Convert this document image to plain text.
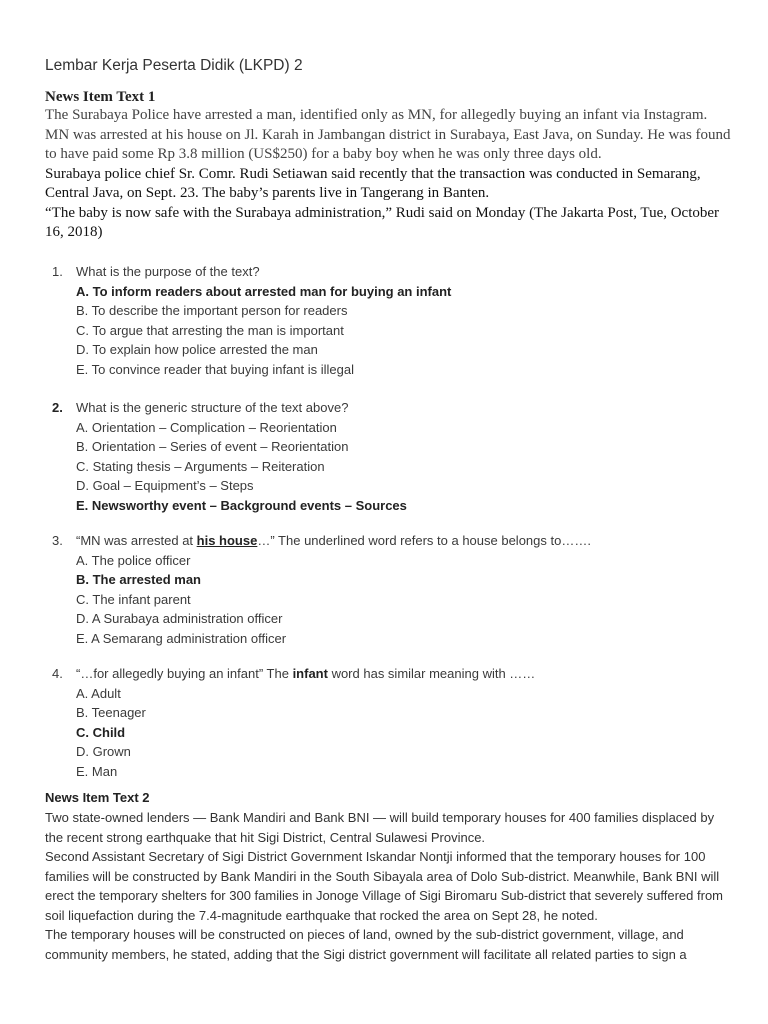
Lembar Kerja Peserta Didik (LKPD) 2
News Item Text 1
The Surabaya Police have arrested a man, identified only as MN, for allegedly buying an infant via Instagram. MN was arrested at his house on Jl. Karah in Jambangan district in Surabaya, East Java, on Sunday. He was found to have paid some Rp 3.8 million (US$250) for a baby boy when he was only three days old.
Surabaya police chief Sr. Comr. Rudi Setiawan said recently that the transaction was conducted in Semarang, Central Java, on Sept. 23. The baby’s parents live in Tangerang in Banten.
“The baby is now safe with the Surabaya administration,” Rudi said on Monday (The Jakarta Post, Tue, October 16, 2018)
1.	What is the purpose of the text?
A. To inform readers about arrested man for buying an infant
B. To describe the important person for readers
C. To argue that arresting the man is important
D. To explain how police arrested the man
E. To convince reader that buying infant is illegal
2.	What is the generic structure of the text above?
A. Orientation – Complication – Reorientation
B. Orientation – Series of event – Reorientation
C. Stating thesis – Arguments – Reiteration
D. Goal – Equipment’s – Steps
E. Newsworthy event – Background events – Sources
3.	“MN was arrested at his house…” The underlined word refers to a house belongs to…….
A. The police officer
B. The arrested man
C. The infant parent
D. A Surabaya administration officer
E. A Semarang administration officer
4.	“…for allegedly buying an infant” The infant word has similar meaning with ……
A. Adult
B. Teenager
C. Child
D. Grown
E. Man
News Item Text 2
Two state-owned lenders — Bank Mandiri and Bank BNI — will build temporary houses for 400 families displaced by the recent strong earthquake that hit Sigi District, Central Sulawesi Province.
Second Assistant Secretary of Sigi District Government Iskandar Nontji informed that the temporary houses for 100 families will be constructed by Bank Mandiri in the South Sibayala area of Dolo Sub-district. Meanwhile, Bank BNI will erect the temporary shelters for 300 families in Jonoge Village of Sigi Biromaru Sub-district that severely suffered from soil liquefaction during the 7.4-magnitude earthquake that rocked the area on Sept 28, he noted.
The temporary houses will be constructed on pieces of land, owned by the sub-district government, village, and community members, he stated, adding that the Sigi district government will facilitate all related parties to sign a
